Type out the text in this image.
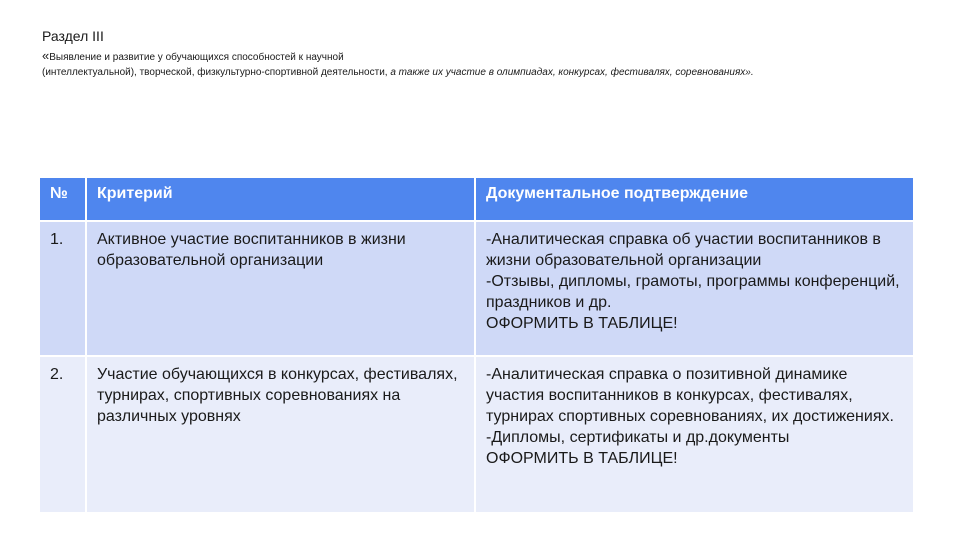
Раздел III
«Выявление и развитие у обучающихся способностей к научной
(интеллектуальной), творческой, физкультурно-спортивной деятельности, а также их участие в олимпиадах, конкурсах, фестивалях, соревнованиях».
№	Критерий	Документальное подтверждение
1.	Активное участие воспитанников в жизни образовательной организации	-Аналитическая справка об участии воспитанников в жизни образовательной организации
-Отзывы, дипломы, грамоты, программы конференций, праздников и др.
ОФОРМИТЬ В ТАБЛИЦЕ!

2.	Участие обучающихся в конкурсах, фестивалях, турнирах, спортивных соревнованиях на различных уровнях	-Аналитическая справка о позитивной динамике участия воспитанников в конкурсах, фестивалях, турнирах спортивных соревнованиях, их достижениях.
-Дипломы, сертификаты и др.документы
ОФОРМИТЬ В ТАБЛИЦЕ!
